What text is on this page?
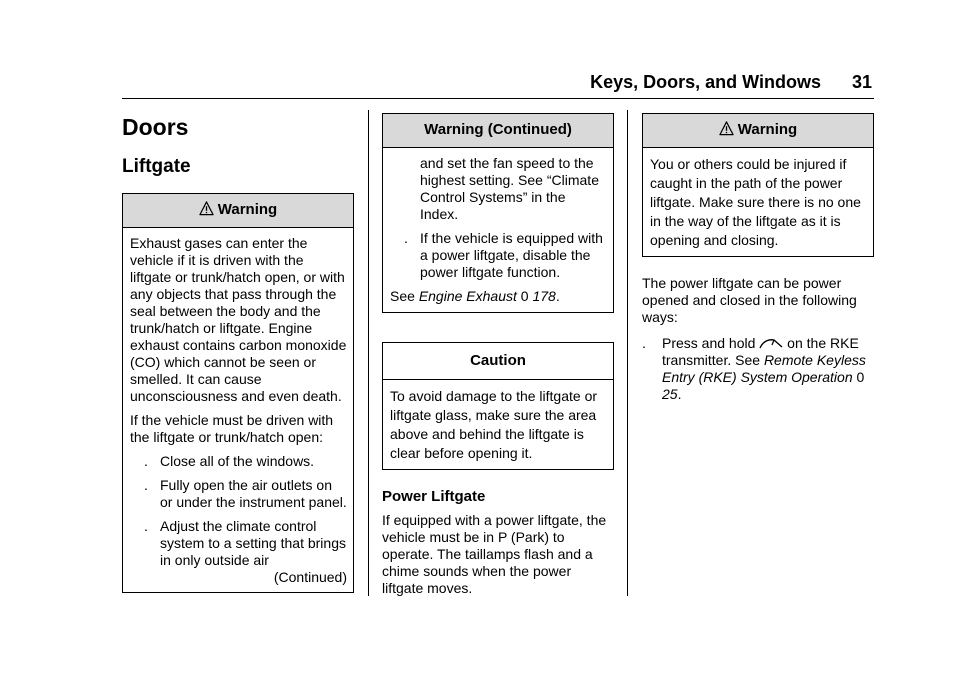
Keys, Doors, and Windows 31
Doors
Liftgate
Warning

Exhaust gases can enter the vehicle if it is driven with the liftgate or trunk/hatch open, or with any objects that pass through the seal between the body and the trunk/hatch or liftgate. Engine exhaust contains carbon monoxide (CO) which cannot be seen or smelled. It can cause unconsciousness and even death.

If the vehicle must be driven with the liftgate or trunk/hatch open:

. Close all of the windows.
. Fully open the air outlets on or under the instrument panel.
. Adjust the climate control system to a setting that brings in only outside air
(Continued)
Warning (Continued)
and set the fan speed to the highest setting. See “Climate Control Systems” in the Index.
. If the vehicle is equipped with a power liftgate, disable the power liftgate function.

See Engine Exhaust 0 178.

Caution
To avoid damage to the liftgate or liftgate glass, make sure the area above and behind the liftgate is clear before opening it.
Power Liftgate

If equipped with a power liftgate, the vehicle must be in P (Park) to operate. The taillamps flash and a chime sounds when the power liftgate moves.

Warning
You or others could be injured if caught in the path of the power liftgate. Make sure there is no one in the way of the liftgate as it is opening and closing.

The power liftgate can be power opened and closed in the following ways:

.	Press and hold  on the RKE transmitter. See Remote Keyless Entry (RKE) System Operation 0 25.
